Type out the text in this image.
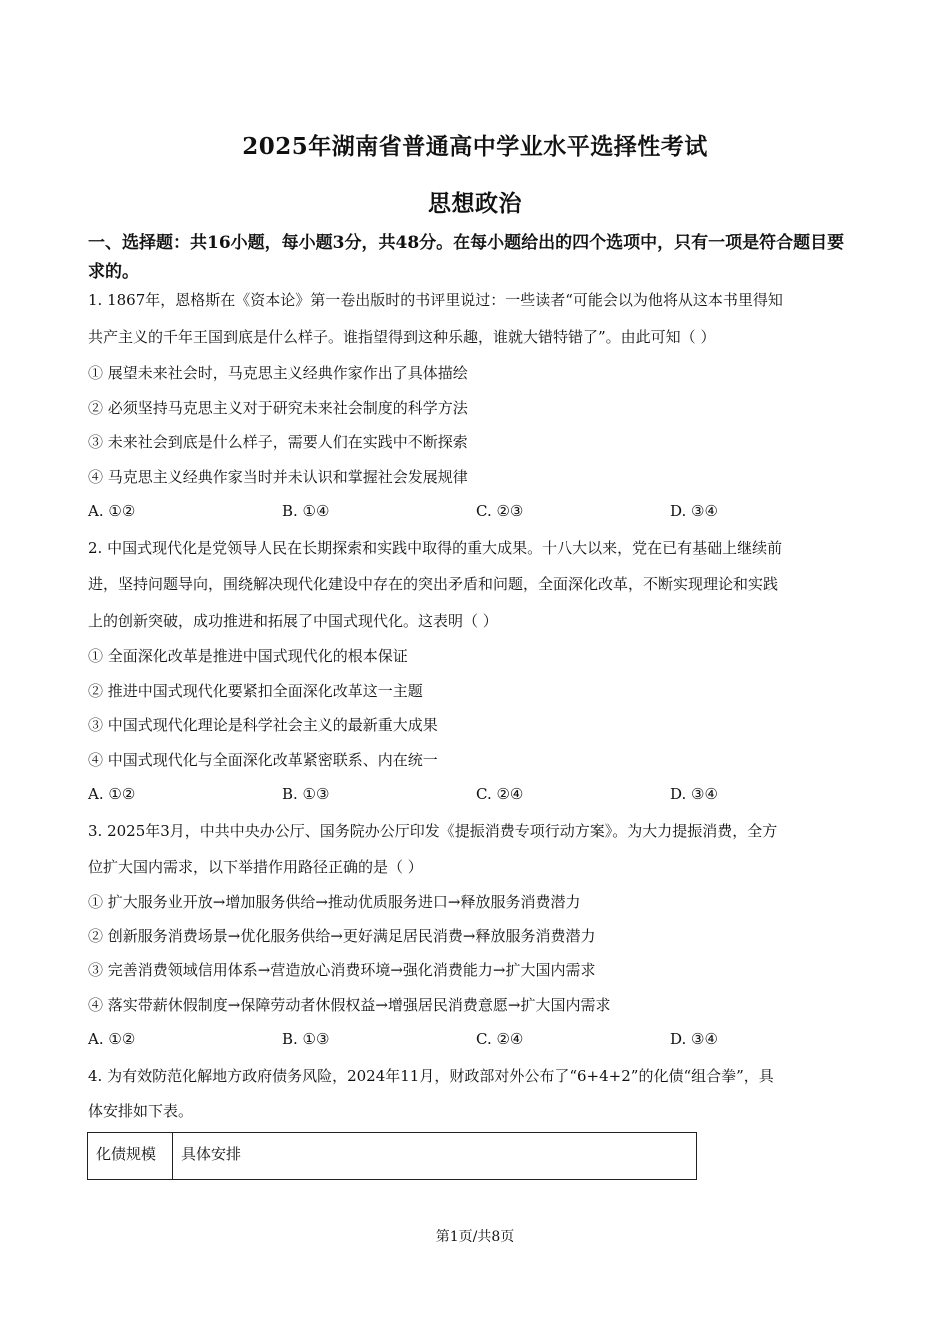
2025年湖南省普通高中学业水平选择性考试
思想政治
一、选择题：共16小题，每小题3分，共48分。在每小题给出的四个选项中，只有一项是符合题目要求的。
1. 1867年，恩格斯在《资本论》第一卷出版时的书评里说过：一些读者“可能会以为他将从这本书里得知
共产主义的千年王国到底是什么样子。谁指望得到这种乐趣，谁就大错特错了”。由此可知（ ）
① 展望未来社会时，马克思主义经典作家作出了具体描绘
② 必须坚持马克思主义对于研究未来社会制度的科学方法
③ 未来社会到底是什么样子，需要人们在实践中不断探索
④ 马克思主义经典作家当时并未认识和掌握社会发展规律
A. ①②	B. ①④	C. ②③	D. ③④
2. 中国式现代化是党领导人民在长期探索和实践中取得的重大成果。十八大以来，党在已有基础上继续前
进，坚持问题导向，围绕解决现代化建设中存在的突出矛盾和问题，全面深化改革，不断实现理论和实践
上的创新突破，成功推进和拓展了中国式现代化。这表明（ ）
① 全面深化改革是推进中国式现代化的根本保证
② 推进中国式现代化要紧扣全面深化改革这一主题
③ 中国式现代化理论是科学社会主义的最新重大成果
④ 中国式现代化与全面深化改革紧密联系、内在统一
A. ①②	B. ①③	C. ②④	D. ③④
3. 2025年3月，中共中央办公厅、国务院办公厅印发《提振消费专项行动方案》。为大力提振消费，全方
位扩大国内需求，以下举措作用路径正确的是（ ）
① 扩大服务业开放→增加服务供给→推动优质服务进口→释放服务消费潜力
② 创新服务消费场景→优化服务供给→更好满足居民消费→释放服务消费潜力
③ 完善消费领域信用体系→营造放心消费环境→强化消费能力→扩大国内需求
④ 落实带薪休假制度→保障劳动者休假权益→增强居民消费意愿→扩大国内需求
A. ①②	B. ①③	C. ②④	D. ③④
4. 为有效防范化解地方政府债务风险，2024年11月，财政部对外公布了“6+4+2”的化债“组合拳”，具
体安排如下表。
化债规模	具体安排
第1页/共8页
